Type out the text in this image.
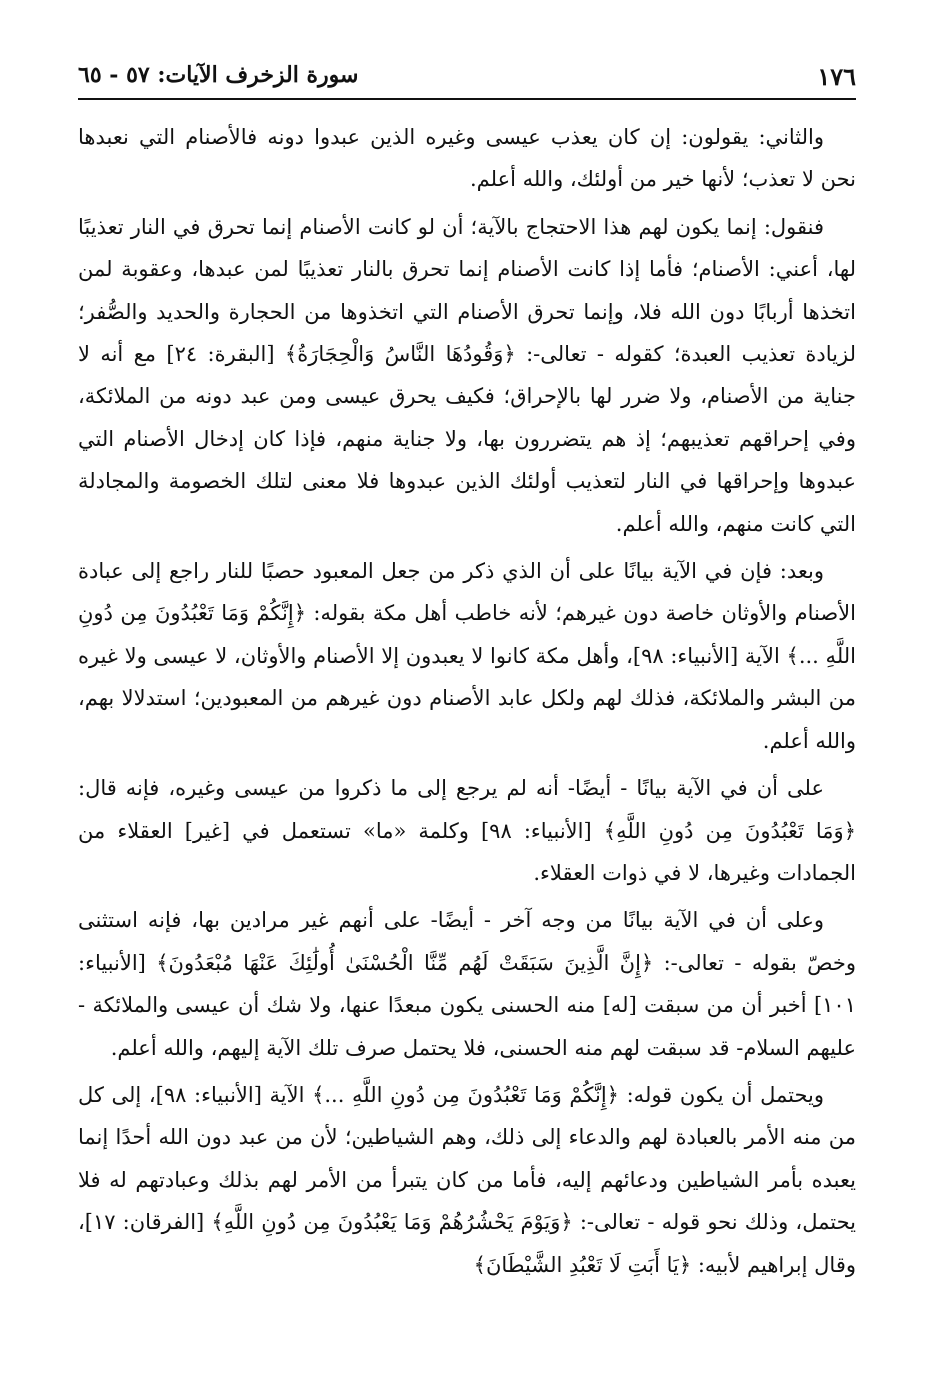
١٧٦
سورة الزخرف الآيات: ٥٧ - ٦٥

والثاني: يقولون: إن كان يعذب عيسى وغيره الذين عبدوا دونه فالأصنام التي نعبدها نحن لا تعذب؛ لأنها خير من أولئك، والله أعلم.

فنقول: إنما يكون لهم هذا الاحتجاج بالآية؛ أن لو كانت الأصنام إنما تحرق في النار تعذيبًا لها، أعني: الأصنام؛ فأما إذا كانت الأصنام إنما تحرق بالنار تعذيبًا لمن عبدها، وعقوبة لمن اتخذها أربابًا دون الله فلا، وإنما تحرق الأصنام التي اتخذوها من الحجارة والحديد والصُّفر؛ لزيادة تعذيب العبدة؛ كقوله - تعالى-: ﴿وَقُودُهَا النَّاسُ وَالْحِجَارَةُ﴾ [البقرة: ٢٤] مع أنه لا جناية من الأصنام، ولا ضرر لها بالإحراق؛ فكيف يحرق عيسى ومن عبد دونه من الملائكة، وفي إحراقهم تعذيبهم؛ إذ هم يتضررون بها، ولا جناية منهم، فإذا كان إدخال الأصنام التي عبدوها وإحراقها في النار لتعذيب أولئك الذين عبدوها فلا معنى لتلك الخصومة والمجادلة التي كانت منهم، والله أعلم.

وبعد: فإن في الآية بيانًا على أن الذي ذكر من جعل المعبود حصبًا للنار راجع إلى عبادة الأصنام والأوثان خاصة دون غيرهم؛ لأنه خاطب أهل مكة بقوله: ﴿إِنَّكُمْ وَمَا تَعْبُدُونَ مِن دُونِ اللَّهِ ...﴾ الآية [الأنبياء: ٩٨]، وأهل مكة كانوا لا يعبدون إلا الأصنام والأوثان، لا عيسى ولا غيره من البشر والملائكة، فذلك لهم ولكل عابد الأصنام دون غيرهم من المعبودين؛ استدلالا بهم، والله أعلم.

على أن في الآية بيانًا - أيضًا- أنه لم يرجع إلى ما ذكروا من عيسى وغيره، فإنه قال: ﴿وَمَا تَعْبُدُونَ مِن دُونِ اللَّهِ﴾ [الأنبياء: ٩٨] وكلمة «ما» تستعمل في [غير] العقلاء من الجمادات وغيرها، لا في ذوات العقلاء.

وعلى أن في الآية بيانًا من وجه آخر - أيضًا- على أنهم غير مرادين بها، فإنه استثنى وخصّ بقوله - تعالى-: ﴿إِنَّ الَّذِينَ سَبَقَتْ لَهُم مِّنَّا الْحُسْنَىٰ أُولَٰئِكَ عَنْهَا مُبْعَدُونَ﴾ [الأنبياء: ١٠١] أخبر أن من سبقت [له] منه الحسنى يكون مبعدًا عنها، ولا شك أن عيسى والملائكة - عليهم السلام- قد سبقت لهم منه الحسنى، فلا يحتمل صرف تلك الآية إليهم، والله أعلم.

ويحتمل أن يكون قوله: ﴿إِنَّكُمْ وَمَا تَعْبُدُونَ مِن دُونِ اللَّهِ ...﴾ الآية [الأنبياء: ٩٨]، إلى كل من منه الأمر بالعبادة لهم والدعاء إلى ذلك، وهم الشياطين؛ لأن من عبد دون الله أحدًا إنما يعبده بأمر الشياطين ودعائهم إليه، فأما من كان يتبرأ من الأمر لهم بذلك وعبادتهم له فلا يحتمل، وذلك نحو قوله - تعالى-: ﴿وَيَوْمَ يَحْشُرُهُمْ وَمَا يَعْبُدُونَ مِن دُونِ اللَّهِ﴾ [الفرقان: ١٧]، وقال إبراهيم لأبيه: ﴿يَا أَبَتِ لَا تَعْبُدِ الشَّيْطَانَ﴾
